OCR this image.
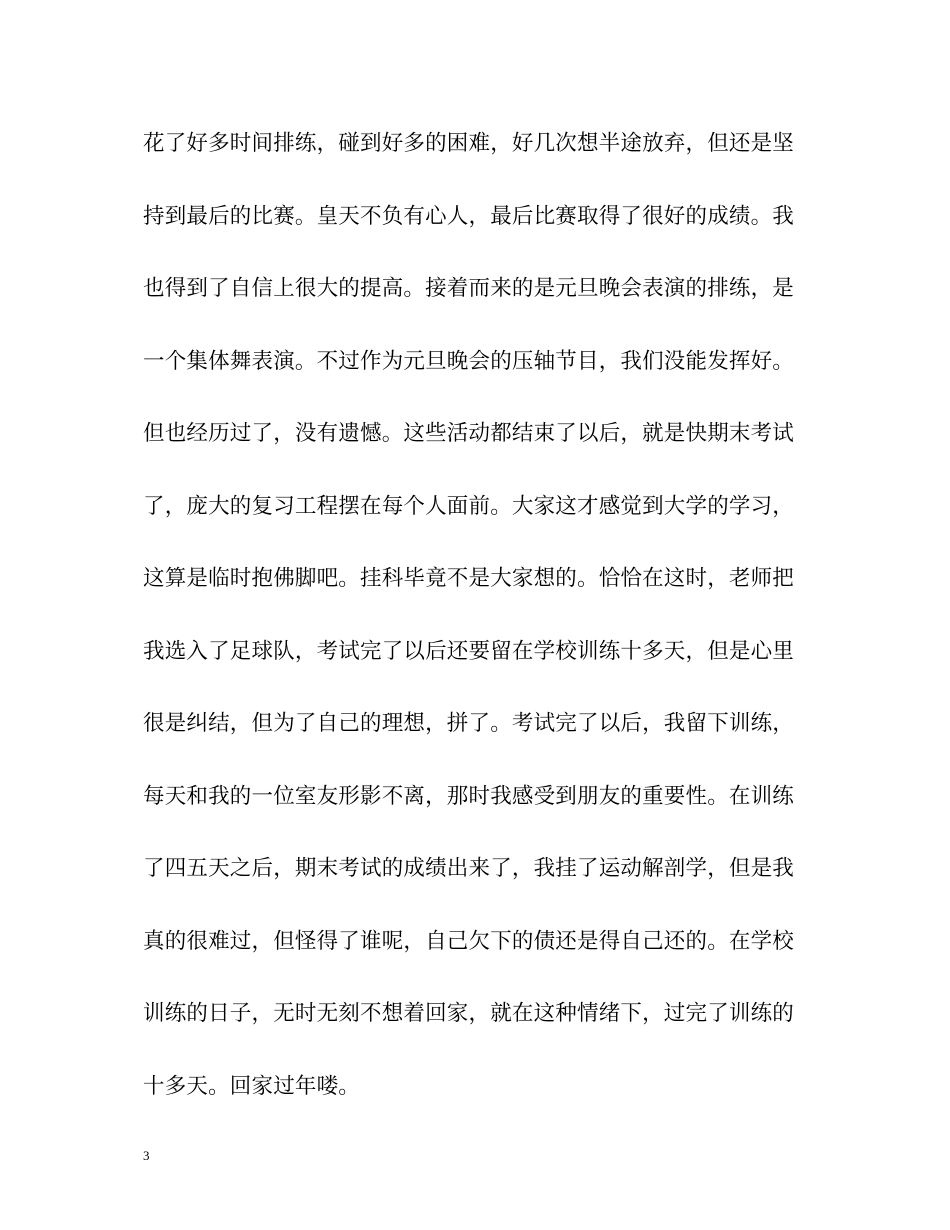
花了好多时间排练，碰到好多的困难，好几次想半途放弃，但还是坚
持到最后的比赛。皇天不负有心人，最后比赛取得了很好的成绩。我
也得到了自信上很大的提高。接着而来的是元旦晚会表演的排练，是
一个集体舞表演。不过作为元旦晚会的压轴节目，我们没能发挥好。
但也经历过了，没有遗憾。这些活动都结束了以后，就是快期末考试
了，庞大的复习工程摆在每个人面前。大家这才感觉到大学的学习，
这算是临时抱佛脚吧。挂科毕竟不是大家想的。恰恰在这时，老师把
我选入了足球队，考试完了以后还要留在学校训练十多天，但是心里
很是纠结，但为了自己的理想，拼了。考试完了以后，我留下训练，
每天和我的一位室友形影不离，那时我感受到朋友的重要性。在训练
了四五天之后，期末考试的成绩出来了，我挂了运动解剖学，但是我
真的很难过，但怪得了谁呢，自己欠下的债还是得自己还的。在学校
训练的日子，无时无刻不想着回家，就在这种情绪下，过完了训练的
十多天。回家过年喽。
3
